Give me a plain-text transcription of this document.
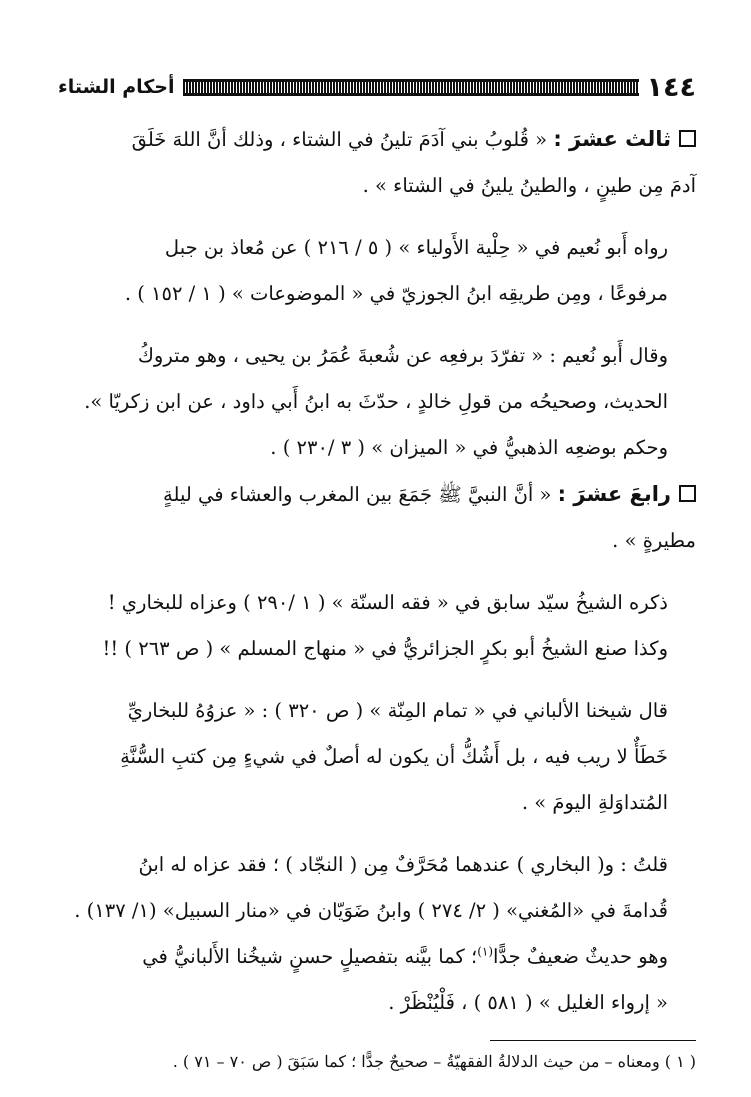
١٤٤
أحكام الشتاء

ثالث عشرَ : « قُلوبُ بني آدَمَ تلينُ في الشتاء ، وذلك أنَّ اللهَ خَلَقَ
آدمَ مِن طينٍ ، والطينُ يلينُ في الشتاء » .

رواه أَبو نُعيم في « حِلْية الأَولياء » ( ٥ / ٢١٦ ) عن مُعاذ بن جبل
مرفوعًا ، ومِن طريقِه ابنُ الجوزيّ في « الموضوعات » ( ١ / ١٥٢ ) .

وقال أَبو نُعيم : « تفرّدَ برفعِه عن شُعبةَ عُمَرُ بن يحيى ، وهو متروكُ
الحديث، وصحيحُه من قولِ خالدٍ ، حدّثَ به ابنُ أَبي داود ، عن ابن زكريّا ».

وحكم بوضعِه الذهبيُّ في « الميزان » ( ٣ /٢٣٠ ) .

رابعَ عشرَ : « أنَّ النبيَّ ﷺ جَمَعَ بين المغرب والعشاء في ليلةٍ
مطيرةٍ » .

ذكره الشيخُ سيّد سابق في « فقه السنّة » ( ١ /٢٩٠ ) وعزاه للبخاري !
وكذا صنع الشيخُ أبو بكرٍ الجزائريُّ في « منهاج المسلم » ( ص ٢٦٣ ) !!

قال شيخنا الألباني في « تمام المِنّة » ( ص ٣٢٠ ) : « عزوُهُ للبخاريِّ
خَطَأٌ لا ريب فيه ، بل أَشُكُّ أن يكون له أصلٌ في شيءٍ مِن كتبِ السُّنَّةِ
المُتداوَلةِ اليومَ » .

قلتُ : و( البخاري ) عندهما مُحَرَّفٌ مِن ( النجّاد ) ؛ فقد عزاه له ابنُ
قُدامةَ في «المُغني» ( ٢/ ٢٧٤ ) وابنُ ضَوَيّان في «منار السبيل» (١/ ١٣٧) .

وهو حديثٌ ضعيفٌ جدًّا$^{(١)}$؛ كما بيَّنه بتفصيلٍ حسنٍ شيخُنا الأَلبانيُّ في
« إرواء الغليل » ( ٥٨١ ) ، فَلْيُنْظَرْ .

( ١ ) ومعناه – من حيث الدلالةُ الفقهيّةُ – صحيحٌ جدًّا ؛ كما سَبَقَ ( ص ٧٠ – ٧١ ) .
